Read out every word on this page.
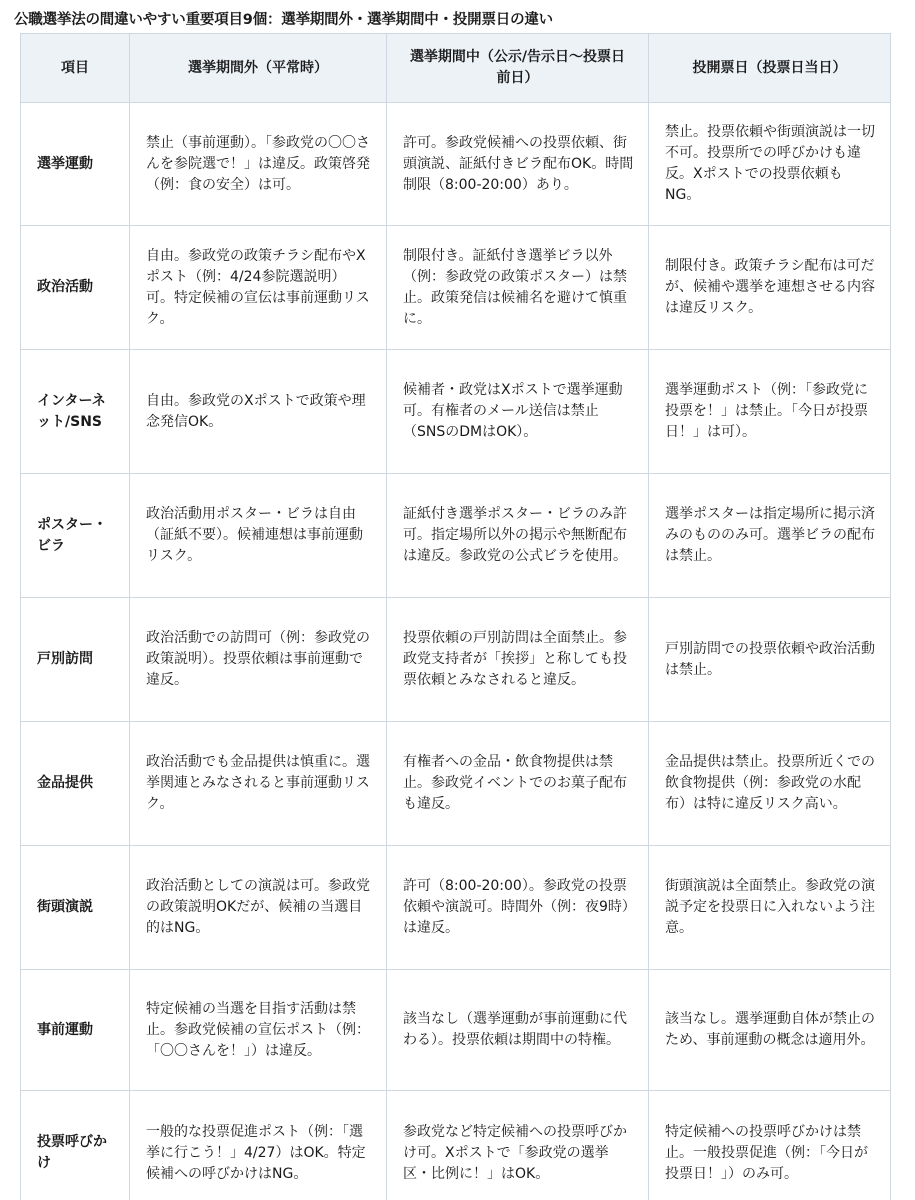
公職選挙法の間違いやすい重要項目9個：選挙期間外・選挙期間中・投開票日の違い
項目	選挙期間外（平常時）	選挙期間中（公示/告示日〜投票日前日）	投開票日（投票日当日）
選挙運動	禁止（事前運動）。「参政党の〇〇さんを参院選で！」は違反。政策啓発（例：食の安全）は可。	許可。参政党候補への投票依頼、街頭演説、証紙付きビラ配布OK。時間制限（8:00-20:00）あり。	禁止。投票依頼や街頭演説は一切不可。投票所での呼びかけも違反。Xポストでの投票依頼もNG。
政治活動	自由。参政党の政策チラシ配布やXポスト（例：4/24参院選説明）可。特定候補の宣伝は事前運動リスク。	制限付き。証紙付き選挙ビラ以外（例：参政党の政策ポスター）は禁止。政策発信は候補名を避けて慎重に。	制限付き。政策チラシ配布は可だが、候補や選挙を連想させる内容は違反リスク。
インターネット/SNS	自由。参政党のXポストで政策や理念発信OK。	候補者・政党はXポストで選挙運動可。有権者のメール送信は禁止（SNSのDMはOK）。	選挙運動ポスト（例：「参政党に投票を！」は禁止。「今日が投票日！」は可）。
ポスター・ビラ	政治活動用ポスター・ビラは自由（証紙不要）。候補連想は事前運動リスク。	証紙付き選挙ポスター・ビラのみ許可。指定場所以外の掲示や無断配布は違反。参政党の公式ビラを使用。	選挙ポスターは指定場所に掲示済みのもののみ可。選挙ビラの配布は禁止。
戸別訪問	政治活動での訪問可（例：参政党の政策説明）。投票依頼は事前運動で違反。	投票依頼の戸別訪問は全面禁止。参政党支持者が「挨拶」と称しても投票依頼とみなされると違反。	戸別訪問での投票依頼や政治活動は禁止。
金品提供	政治活動でも金品提供は慎重に。選挙関連とみなされると事前運動リスク。	有権者への金品・飲食物提供は禁止。参政党イベントでのお菓子配布も違反。	金品提供は禁止。投票所近くでの飲食物提供（例：参政党の水配布）は特に違反リスク高い。
街頭演説	政治活動としての演説は可。参政党の政策説明OKだが、候補の当選目的はNG。	許可（8:00-20:00）。参政党の投票依頼や演説可。時間外（例：夜9時）は違反。	街頭演説は全面禁止。参政党の演説予定を投票日に入れないよう注意。
事前運動	特定候補の当選を目指す活動は禁止。参政党候補の宣伝ポスト（例：「〇〇さんを！」）は違反。	該当なし（選挙運動が事前運動に代わる）。投票依頼は期間中の特権。	該当なし。選挙運動自体が禁止のため、事前運動の概念は適用外。
投票呼びかけ	一般的な投票促進ポスト（例：「選挙に行こう！」4/27）はOK。特定候補への呼びかけはNG。	参政党など特定候補への投票呼びかけ可。Xポストで「参政党の選挙区・比例に！」はOK。	特定候補への投票呼びかけは禁止。一般投票促進（例：「今日が投票日！」）のみ可。
